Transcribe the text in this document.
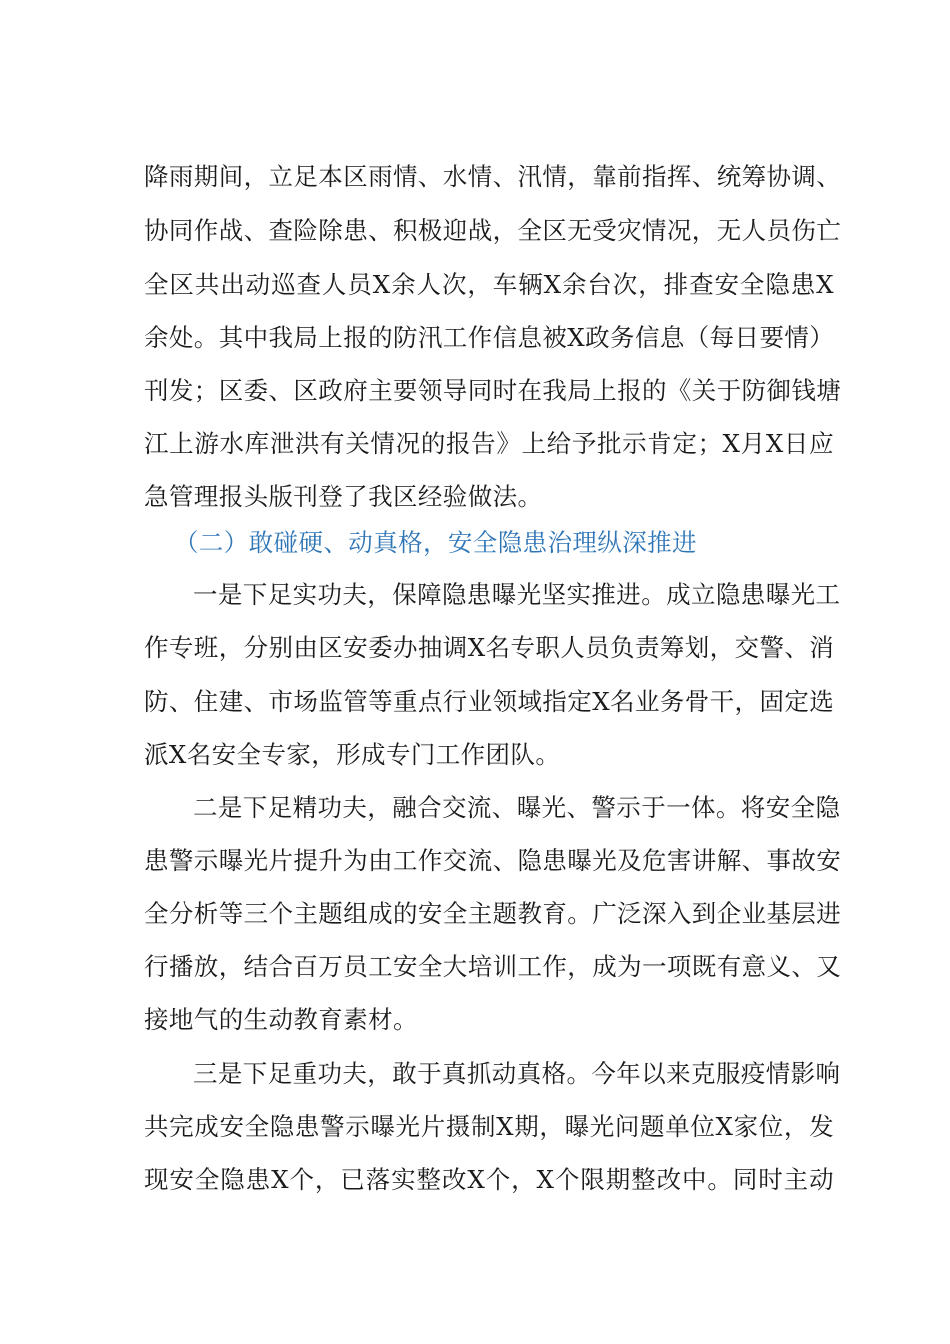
降雨期间，立足本区雨情、水情、汛情，靠前指挥、统筹协调、
协同作战、查险除患、积极迎战，全区无受灾情况，无人员伤亡
全区共出动巡查人员X余人次，车辆X余台次，排查安全隐患X
余处。其中我局上报的防汛工作信息被X政务信息（每日要情）
刊发；区委、区政府主要领导同时在我局上报的《关于防御钱塘
江上游水库泄洪有关情况的报告》上给予批示肯定；X月X日应
急管理报头版刊登了我区经验做法。
（二）敢碰硬、动真格，安全隐患治理纵深推进
一是下足实功夫，保障隐患曝光坚实推进。成立隐患曝光工
作专班，分别由区安委办抽调X名专职人员负责筹划，交警、消
防、住建、市场监管等重点行业领域指定X名业务骨干，固定选
派X名安全专家，形成专门工作团队。
二是下足精功夫，融合交流、曝光、警示于一体。将安全隐
患警示曝光片提升为由工作交流、隐患曝光及危害讲解、事故安
全分析等三个主题组成的安全主题教育。广泛深入到企业基层进
行播放，结合百万员工安全大培训工作，成为一项既有意义、又
接地气的生动教育素材。
三是下足重功夫，敢于真抓动真格。今年以来克服疫情影响
共完成安全隐患警示曝光片摄制X期，曝光问题单位X家位，发
现安全隐患X个，已落实整改X个，X个限期整改中。同时主动
